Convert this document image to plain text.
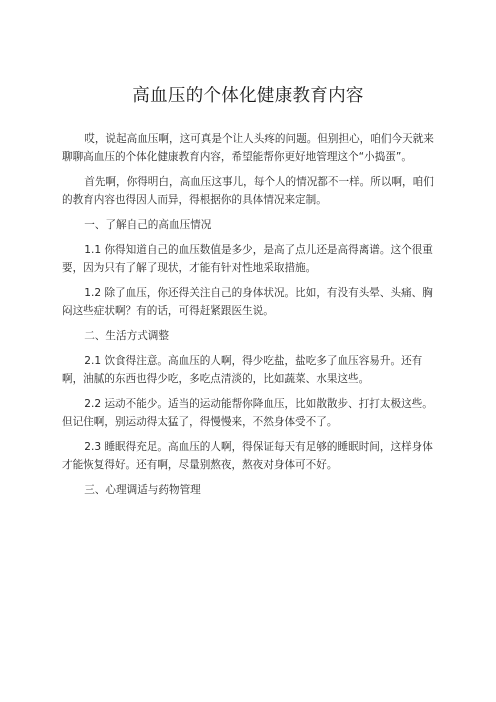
高血压的个体化健康教育内容

哎，说起高血压啊，这可真是个让人头疼的问题。但别担心，咱们今天就来聊聊高血压的个体化健康教育内容，希望能帮你更好地管理这个“小捣蛋”。

首先啊，你得明白，高血压这事儿，每个人的情况都不一样。所以啊，咱们的教育内容也得因人而异，得根据你的具体情况来定制。

一、了解自己的高血压情况

1.1 你得知道自己的血压数值是多少，是高了点儿还是高得离谱。这个很重要，因为只有了解了现状，才能有针对性地采取措施。

1.2 除了血压，你还得关注自己的身体状况。比如，有没有头晕、头痛、胸闷这些症状啊？有的话，可得赶紧跟医生说。

二、生活方式调整

2.1 饮食得注意。高血压的人啊，得少吃盐，盐吃多了血压容易升。还有啊，油腻的东西也得少吃，多吃点清淡的，比如蔬菜、水果这些。

2.2 运动不能少。适当的运动能帮你降血压，比如散散步、打打太极这些。但记住啊，别运动得太猛了，得慢慢来，不然身体受不了。

2.3 睡眠得充足。高血压的人啊，得保证每天有足够的睡眠时间，这样身体才能恢复得好。还有啊，尽量别熬夜，熬夜对身体可不好。

三、心理调适与药物管理
